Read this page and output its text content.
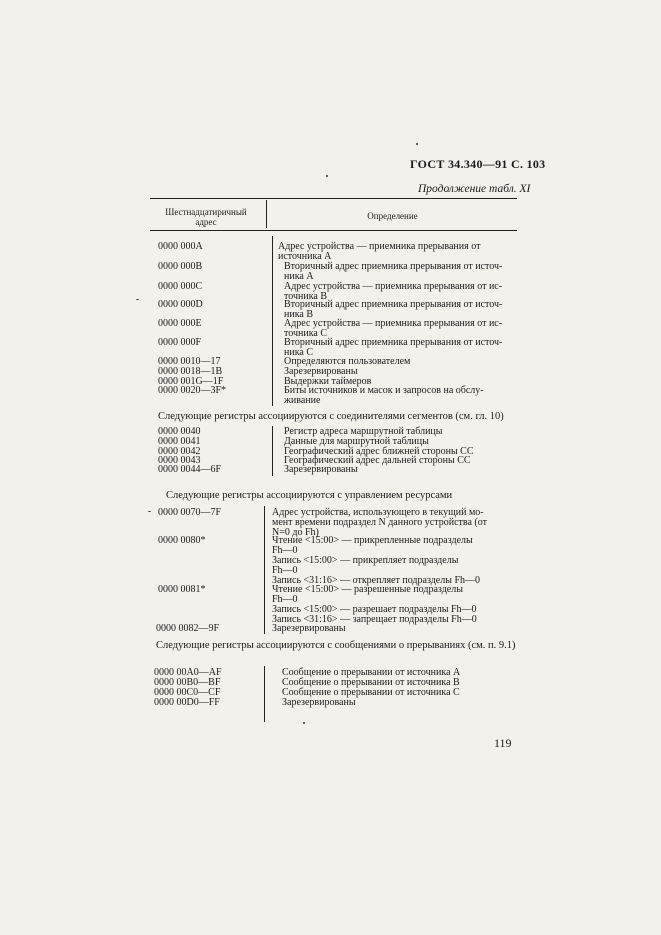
ГОСТ 34.340—91 С. 103
Продолжение табл. XI
Шестнадцатиричный
адрес
Определение
0000 000A	Адрес устройства — приемника прерывания от
источника А
0000 000B	Вторичный адрес приемника прерывания от источ-
ника А
0000 000C	Адрес устройства — приемника прерывания от ис-
точника В
0000 000D	Вторичный адрес приемника прерывания от источ-
ника В
0000 000E	Адрес устройства — приемника прерывания от ис-
точника С
0000 000F	Вторичный адрес приемника прерывания от источ-
ника С
0000 0010—17	Определяются пользователем
0000 0018—1B	Зарезервированы
0000 001G—1F	Выдержки таймеров
0000 0020—3F*	Биты источников и масок и запросов на обслу-
живание
Следующие регистры ассоциируются с соединителями сегментов (см. гл. 10)
0000 0040	Регистр адреса маршрутной таблицы
0000 0041	Данные для маршрутной таблицы
0000 0042	Географический адрес ближней стороны СС
0000 0043	Географический адрес дальней стороны СС
0000 0044—6F	Зарезервированы
Следующие регистры ассоциируются с управлением ресурсами
0000 0070—7F	Адрес устройства, использующего в текущий мо-
мент времени подраздел N данного устройства (от
N=0 до Fh)
0000 0080*	Чтение <15:00> — прикрепленные подразделы
Fh—0
Запись <15:00> — прикрепляет подразделы
Fh—0
Запись <31:16> — открепляет подразделы Fh—0
0000 0081*	Чтение <15:00> — разрешенные подразделы
Fh—0
Запись <15:00> — разрешает подразделы Fh—0
Запись <31:16> — запрещает подразделы Fh—0
0000 0082—9F	Зарезервированы
Следующие регистры ассоциируются с сообщениями о прерываниях (см. п. 9.1)
0000 00A0—AF	Сообщение о прерывании от источника А
0000 00B0—BF	Сообщение о прерывании от источника В
0000 00C0—CF	Сообщение о прерывании от источника С
0000 00D0—FF	Зарезервированы
119
